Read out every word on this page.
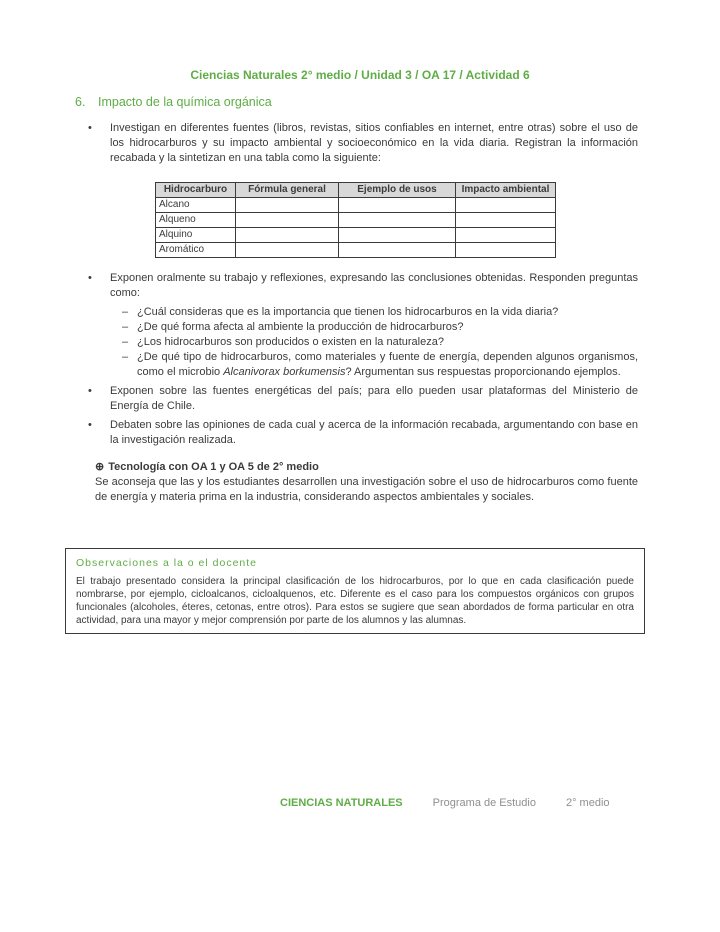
Ciencias Naturales 2° medio / Unidad 3 / OA 17 / Actividad 6
6.	Impacto de la química orgánica
•	Investigan en diferentes fuentes (libros, revistas, sitios confiables en internet, entre otras) sobre el uso de los hidrocarburos y su impacto ambiental y socioeconómico en la vida diaria. Registran la información recabada y la sintetizan en una tabla como la siguiente:
Hidrocarburo	Fórmula general	Ejemplo de usos	Impacto ambiental
Alcano			
Alqueno			
Alquino			
Aromático			
•	Exponen oralmente su trabajo y reflexiones, expresando las conclusiones obtenidas. Responden preguntas como:
– ¿Cuál consideras que es la importancia que tienen los hidrocarburos en la vida diaria?
– ¿De qué forma afecta al ambiente la producción de hidrocarburos?
– ¿Los hidrocarburos son producidos o existen en la naturaleza?
– ¿De qué tipo de hidrocarburos, como materiales y fuente de energía, dependen algunos organismos, como el microbio Alcanivorax borkumensis? Argumentan sus respuestas proporcionando ejemplos.
•	Exponen sobre las fuentes energéticas del país; para ello pueden usar plataformas del Ministerio de Energía de Chile.
•	Debaten sobre las opiniones de cada cual y acerca de la información recabada, argumentando con base en la investigación realizada.
⊕ Tecnología con OA 1 y OA 5 de 2° medio
Se aconseja que las y los estudiantes desarrollen una investigación sobre el uso de hidrocarburos como fuente de energía y materia prima en la industria, considerando aspectos ambientales y sociales.
Observaciones a la o el docente
El trabajo presentado considera la principal clasificación de los hidrocarburos, por lo que en cada clasificación puede nombrarse, por ejemplo, cicloalcanos, cicloalquenos, etc. Diferente es el caso para los compuestos orgánicos con grupos funcionales (alcoholes, éteres, cetonas, entre otros). Para estos se sugiere que sean abordados de forma particular en otra actividad, para una mayor y mejor comprensión por parte de los alumnos y las alumnas.
CIENCIAS NATURALES	Programa de Estudio	2° medio
